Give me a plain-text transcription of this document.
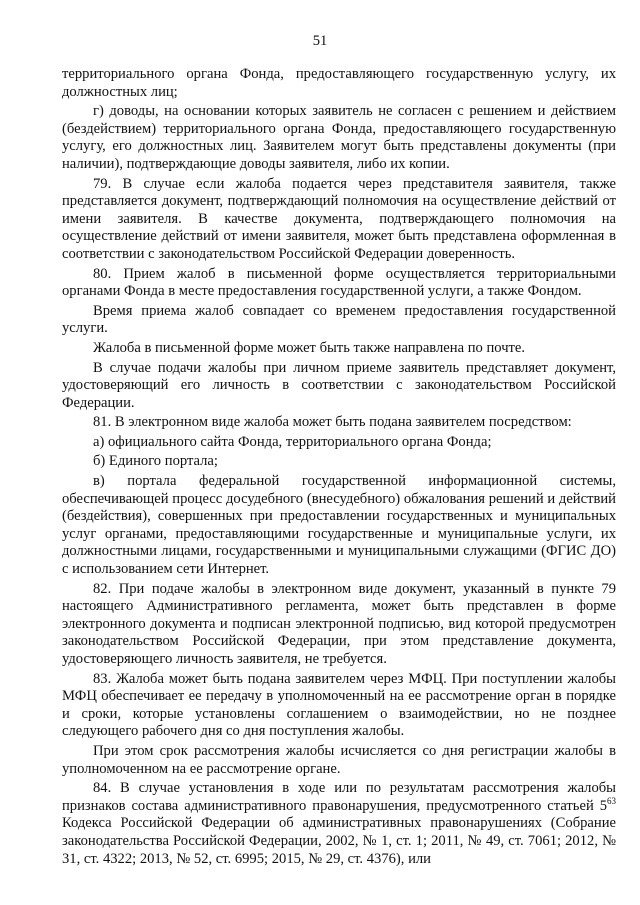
51

территориального органа Фонда, предоставляющего государственную услугу, их должностных лиц;

г) доводы, на основании которых заявитель не согласен с решением и действием (бездействием) территориального органа Фонда, предоставляющего государственную услугу, его должностных лиц. Заявителем могут быть представлены документы (при наличии), подтверждающие доводы заявителя, либо их копии.

79. В случае если жалоба подается через представителя заявителя, также представляется документ, подтверждающий полномочия на осуществление действий от имени заявителя. В качестве документа, подтверждающего полномочия на осуществление действий от имени заявителя, может быть представлена оформленная в соответствии с законодательством Российской Федерации доверенность.

80. Прием жалоб в письменной форме осуществляется территориальными органами Фонда в месте предоставления государственной услуги, а также Фондом.

Время приема жалоб совпадает со временем предоставления государственной услуги.

Жалоба в письменной форме может быть также направлена по почте.

В случае подачи жалобы при личном приеме заявитель представляет документ, удостоверяющий его личность в соответствии с законодательством Российской Федерации.

81. В электронном виде жалоба может быть подана заявителем посредством:

а) официального сайта Фонда, территориального органа Фонда;

б) Единого портала;

в) портала федеральной государственной информационной системы, обеспечивающей процесс досудебного (внесудебного) обжалования решений и действий (бездействия), совершенных при предоставлении государственных и муниципальных услуг органами, предоставляющими государственные и муниципальные услуги, их должностными лицами, государственными и муниципальными служащими (ФГИС ДО) с использованием сети Интернет.

82. При подаче жалобы в электронном виде документ, указанный в пункте 79 настоящего Административного регламента, может быть представлен в форме электронного документа и подписан электронной подписью, вид которой предусмотрен законодательством Российской Федерации, при этом представление документа, удостоверяющего личность заявителя, не требуется.

83. Жалоба может быть подана заявителем через МФЦ. При поступлении жалобы МФЦ обеспечивает ее передачу в уполномоченный на ее рассмотрение орган в порядке и сроки, которые установлены соглашением о взаимодействии, но не позднее следующего рабочего дня со дня поступления жалобы.

При этом срок рассмотрения жалобы исчисляется со дня регистрации жалобы в уполномоченном на ее рассмотрение органе.

84. В случае установления в ходе или по результатам рассмотрения жалобы признаков состава административного правонарушения, предусмотренного статьей $5^{63}$ Кодекса Российской Федерации об административных правонарушениях (Собрание законодательства Российской Федерации, 2002, № 1, ст. 1; 2011, № 49, ст. 7061; 2012, № 31, ст. 4322; 2013, № 52, ст. 6995; 2015, № 29, ст. 4376), или
